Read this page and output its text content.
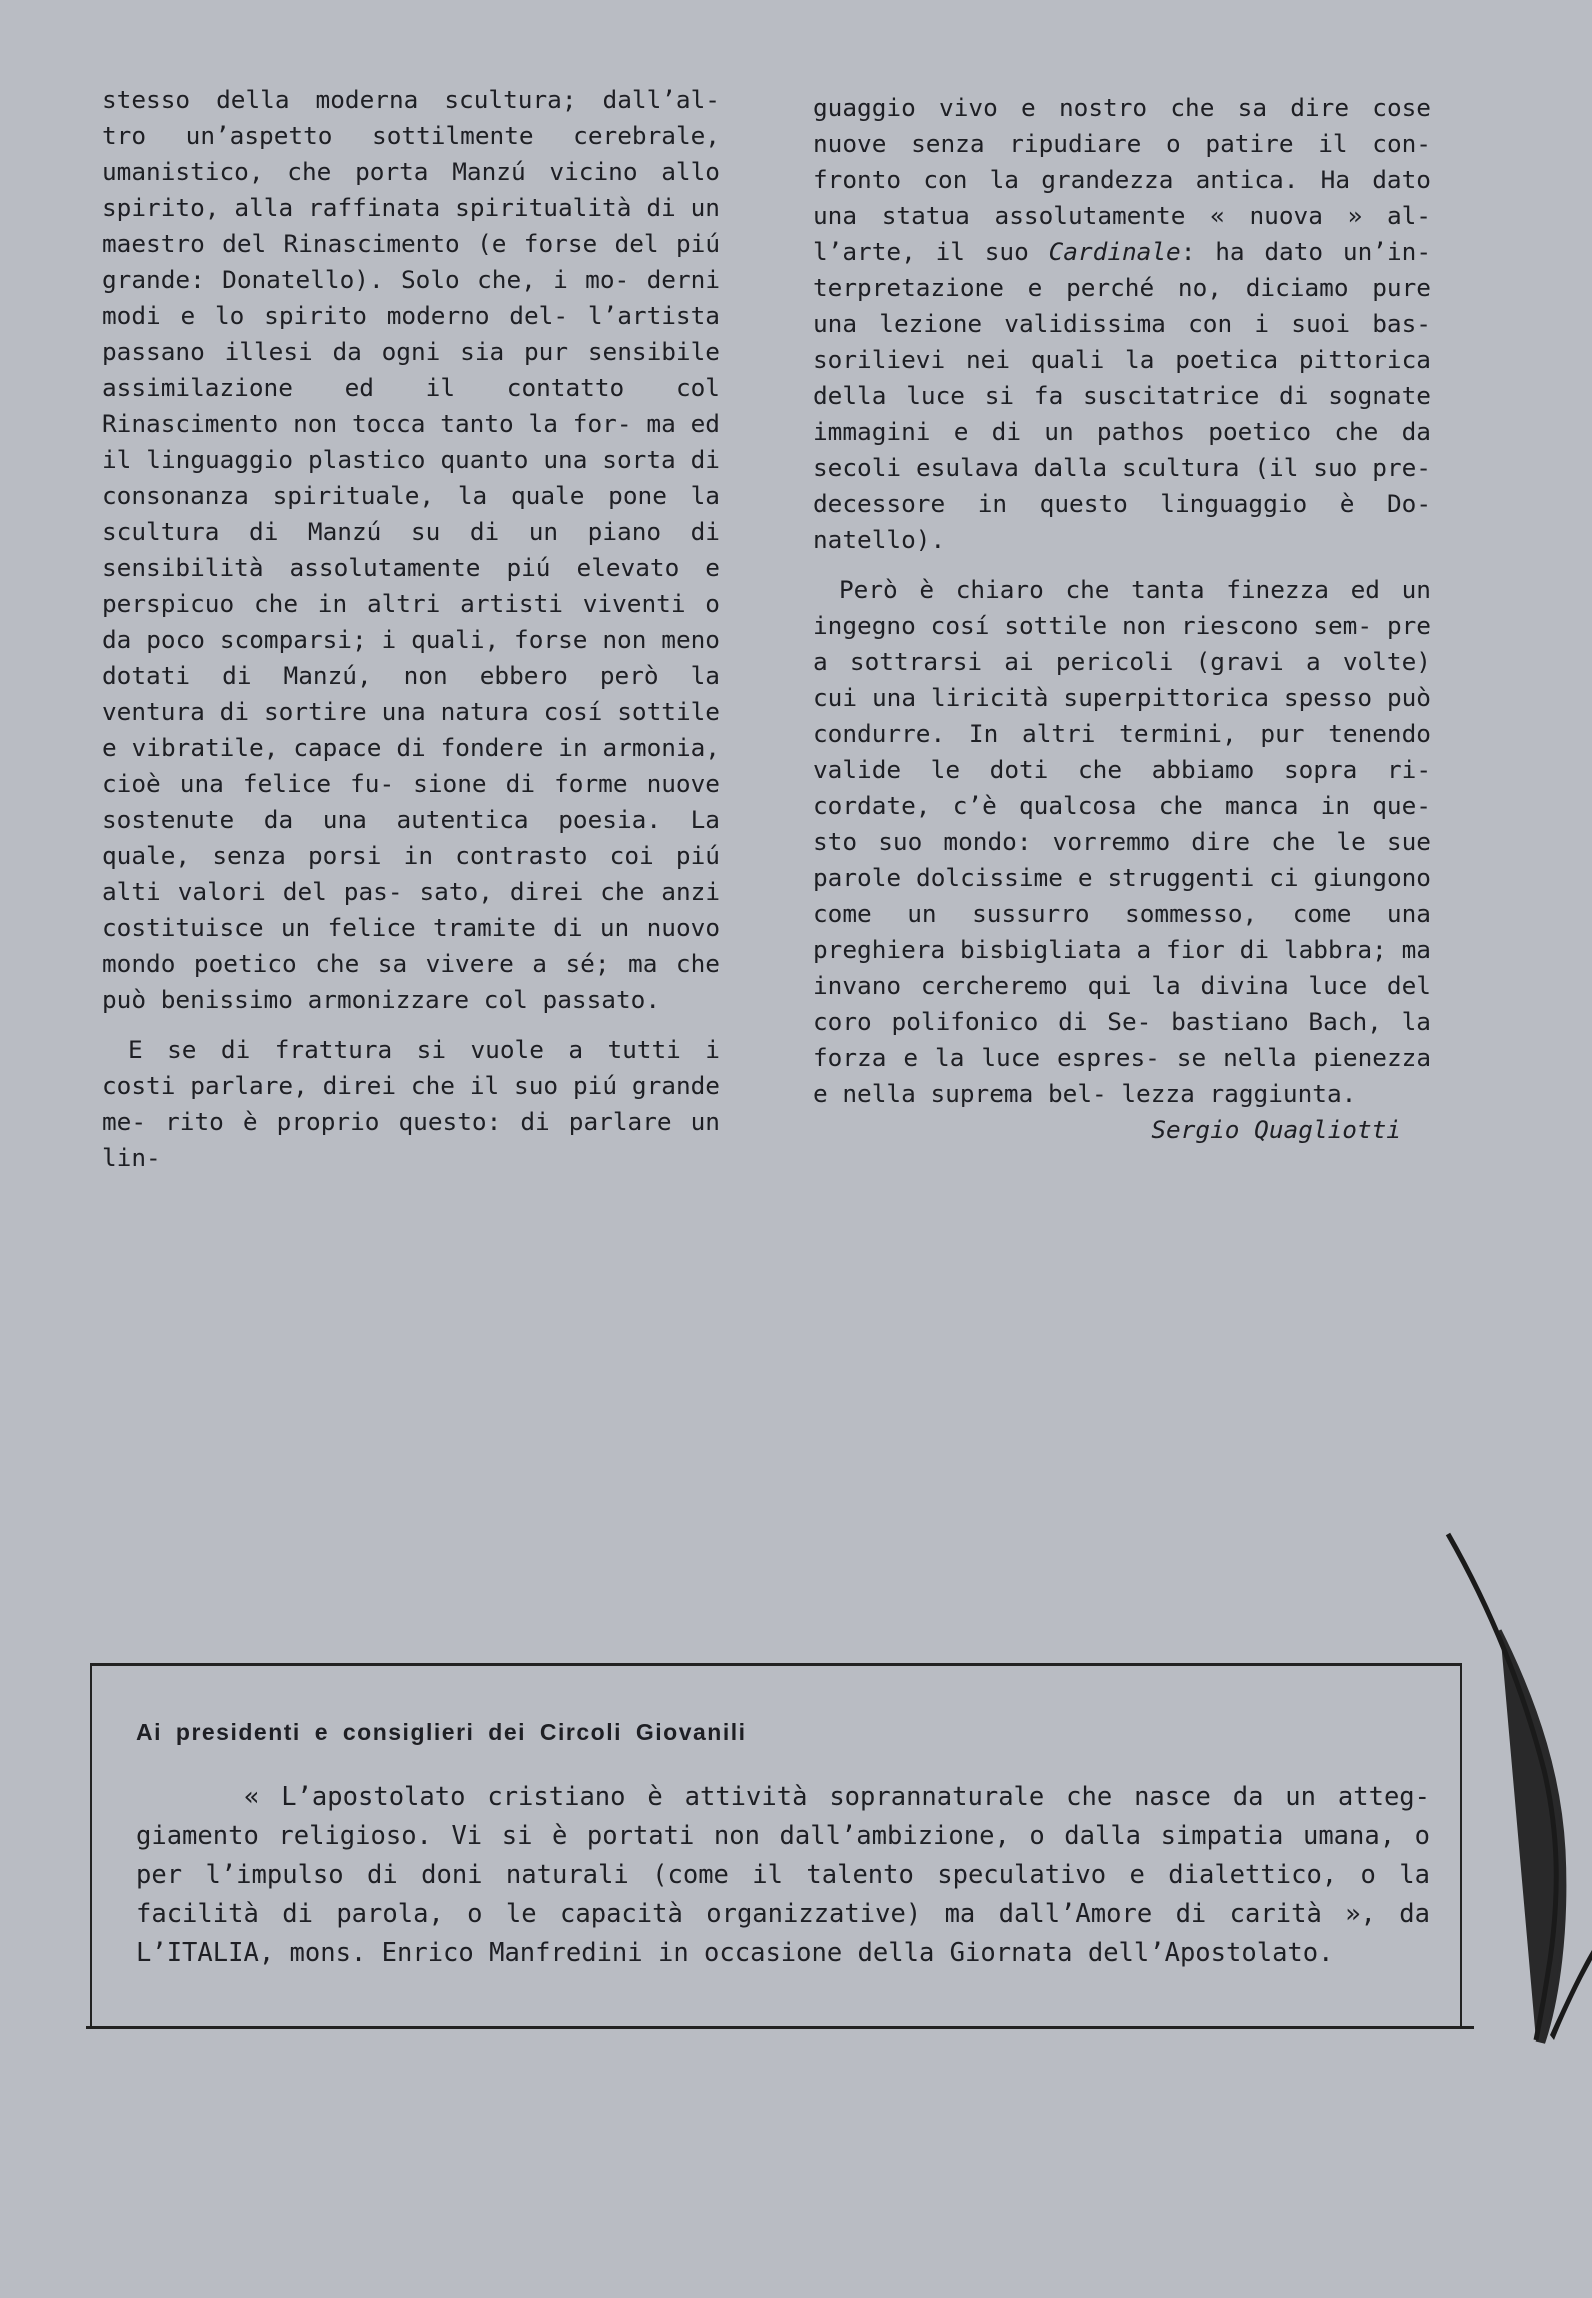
stesso della moderna scultura; dall’al- tro un’aspetto sottilmente cerebrale, umanistico, che porta Manzú vicino allo spirito, alla raffinata spiritualità di un maestro del Rinascimento (e forse del piú grande: Donatello). Solo che, i mo- derni modi e lo spirito moderno del- l’artista passano illesi da ogni sia pur sensibile assimilazione ed il contatto col Rinascimento non tocca tanto la for- ma ed il linguaggio plastico quanto una sorta di consonanza spirituale, la quale pone la scultura di Manzú su di un piano di sensibilità assolutamente piú elevato e perspicuo che in altri artisti viventi o da poco scomparsi; i quali, forse non meno dotati di Manzú, non ebbero però la ventura di sortire una natura cosí sottile e vibratile, capace di fondere in armonia, cioè una felice fu- sione di forme nuove sostenute da una autentica poesia. La quale, senza porsi in contrasto coi piú alti valori del pas- sato, direi che anzi costituisce un felice tramite di un nuovo mondo poetico che sa vivere a sé; ma che può benissimo armonizzare col passato.

E se di frattura si vuole a tutti i costi parlare, direi che il suo piú grande me- rito è proprio questo: di parlare un lin-

guaggio vivo e nostro che sa dire cose nuove senza ripudiare o patire il con- fronto con la grandezza antica. Ha dato una statua assolutamente « nuova » al- l’arte, il suo Cardinale: ha dato un’in- terpretazione e perché no, diciamo pure una lezione validissima con i suoi bas- sorilievi nei quali la poetica pittorica della luce si fa suscitatrice di sognate immagini e di un pathos poetico che da secoli esulava dalla scultura (il suo pre- decessore in questo linguaggio è Do- natello).

Però è chiaro che tanta finezza ed un ingegno cosí sottile non riescono sem- pre a sottrarsi ai pericoli (gravi a volte) cui una liricità superpittorica spesso può condurre. In altri termini, pur tenendo valide le doti che abbiamo sopra ri- cordate, c’è qualcosa che manca in que- sto suo mondo: vorremmo dire che le sue parole dolcissime e struggenti ci giungono come un sussurro sommesso, come una preghiera bisbigliata a fior di labbra; ma invano cercheremo qui la divina luce del coro polifonico di Se- bastiano Bach, la forza e la luce espres- se nella pienezza e nella suprema bel- lezza raggiunta.

Sergio Quagliotti

Ai presidenti e consiglieri dei Circoli Giovanili
« L’apostolato cristiano è attività soprannaturale che nasce da un atteg- giamento religioso. Vi si è portati non dall’ambizione, o dalla simpatia umana, o per l’impulso di doni naturali (come il talento speculativo e dialettico, o la facilità di parola, o le capacità organizzative) ma dall’Amore di carità », da L’ITALIA, mons. Enrico Manfredini in occasione della Giornata dell’Apostolato.
